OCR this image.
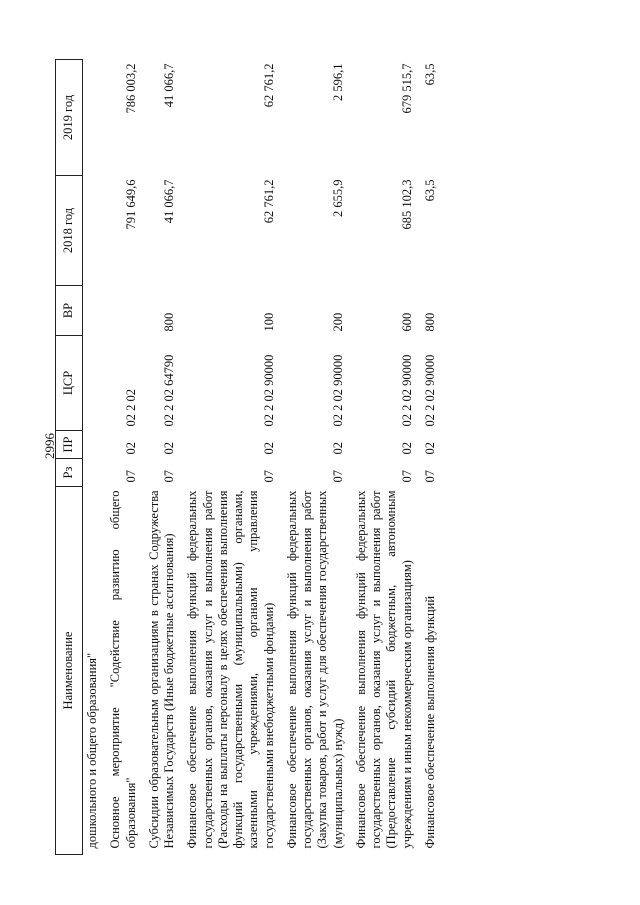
2996
Наименование	Рз	ПР	ЦСР	ВР	2018 год	2019 год
дошкольного и общего образования"						
Основное мероприятие "Содействие развитию общего образования"	07	02	02 2 02		791 649,6	786 003,2
Субсидии образовательным организациям в странах Содружества Независимых Государств (Иные бюджетные ассигнования)	07	02	02 2 02 64790	800	41 066,7	41 066,7
Финансовое обеспечение выполнения функций федеральных государственных органов, оказания услуг и выполнения работ (Расходы на выплаты персоналу в целях обеспечения выполнения функций государственными (муниципальными) органами, казенными учреждениями, органами управления государственными внебюджетными фондами)	07	02	02 2 02 90000	100	62 761,2	62 761,2
Финансовое обеспечение выполнения функций федеральных государственных органов, оказания услуг и выполнения работ (Закупка товаров, работ и услуг для обеспечения государственных (муниципальных) нужд)	07	02	02 2 02 90000	200	2 655,9	2 596,1
Финансовое обеспечение выполнения функций федеральных государственных органов, оказания услуг и выполнения работ (Предоставление субсидий бюджетным, автономным учреждениям и иным некоммерческим организациям)	07	02	02 2 02 90000	600	685 102,3	679 515,7
Финансовое обеспечение выполнения функций	07	02	02 2 02 90000	800	63,5	63,5
